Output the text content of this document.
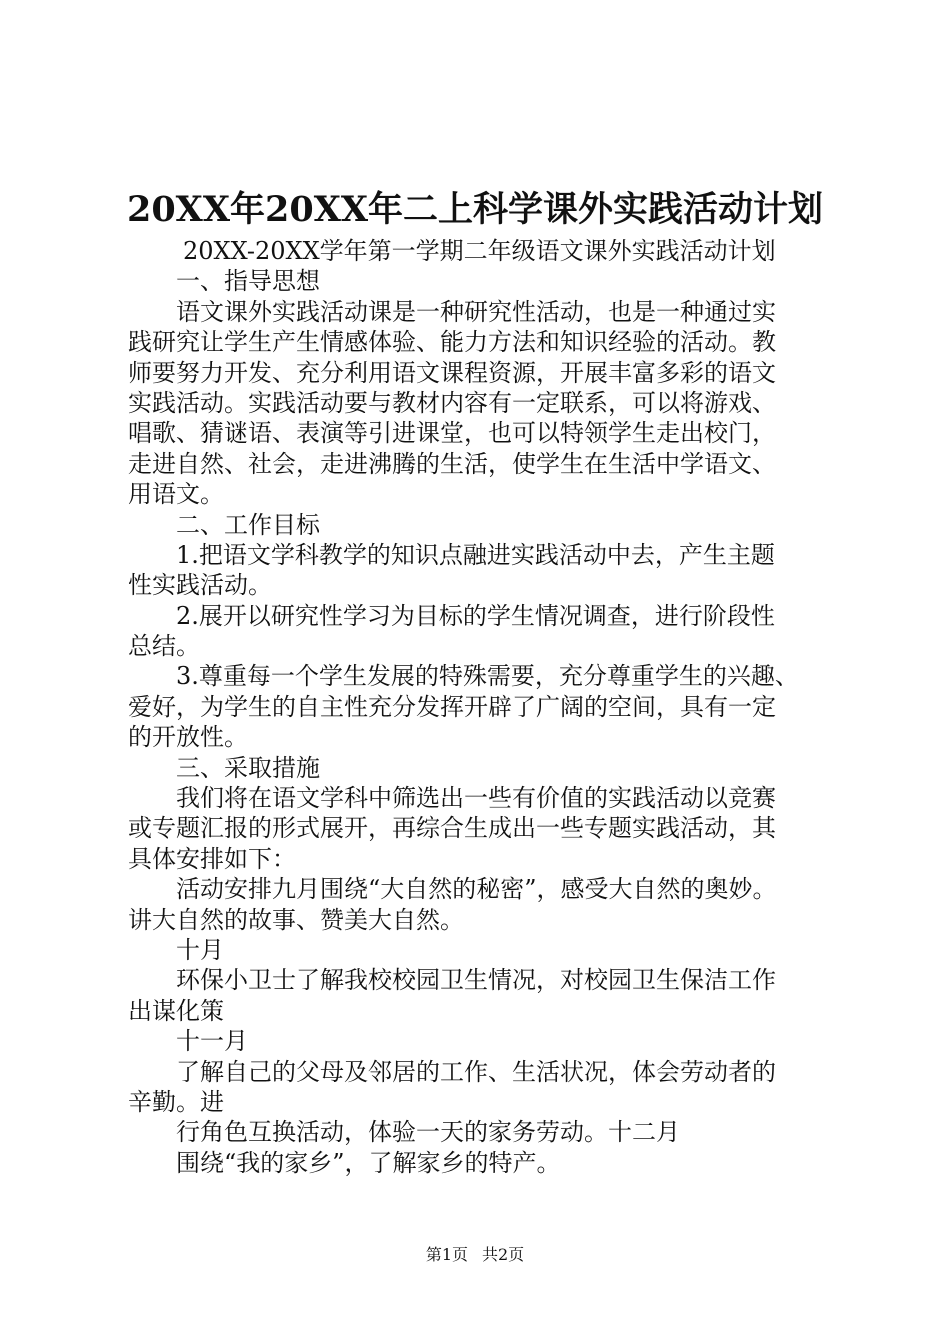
20XX年20XX年二上科学课外实践活动计划
20XX-20XX学年第一学期二年级语文课外实践活动计划
一、指导思想
语文课外实践活动课是一种研究性活动，也是一种通过实
践研究让学生产生情感体验、能力方法和知识经验的活动。教
师要努力开发、充分利用语文课程资源，开展丰富多彩的语文
实践活动。实践活动要与教材内容有一定联系，可以将游戏、
唱歌、猜谜语、表演等引进课堂，也可以特领学生走出校门，
走进自然、社会，走进沸腾的生活，使学生在生活中学语文、
用语文。
二、工作目标
1.把语文学科教学的知识点融进实践活动中去，产生主题
性实践活动。
2.展开以研究性学习为目标的学生情况调查，进行阶段性
总结。
3.尊重每一个学生发展的特殊需要，充分尊重学生的兴趣、
爱好，为学生的自主性充分发挥开辟了广阔的空间，具有一定
的开放性。
三、采取措施
我们将在语文学科中筛选出一些有价值的实践活动以竞赛
或专题汇报的形式展开，再综合生成出一些专题实践活动，其
具体安排如下：
活动安排九月围绕“大自然的秘密”，感受大自然的奥妙。
讲大自然的故事、赞美大自然。
十月
环保小卫士了解我校校园卫生情况，对校园卫生保洁工作
出谋化策
十一月
了解自己的父母及邻居的工作、生活状况，体会劳动者的
辛勤。进
行角色互换活动，体验一天的家务劳动。十二月
围绕“我的家乡”，了解家乡的特产。
第1页 共2页
